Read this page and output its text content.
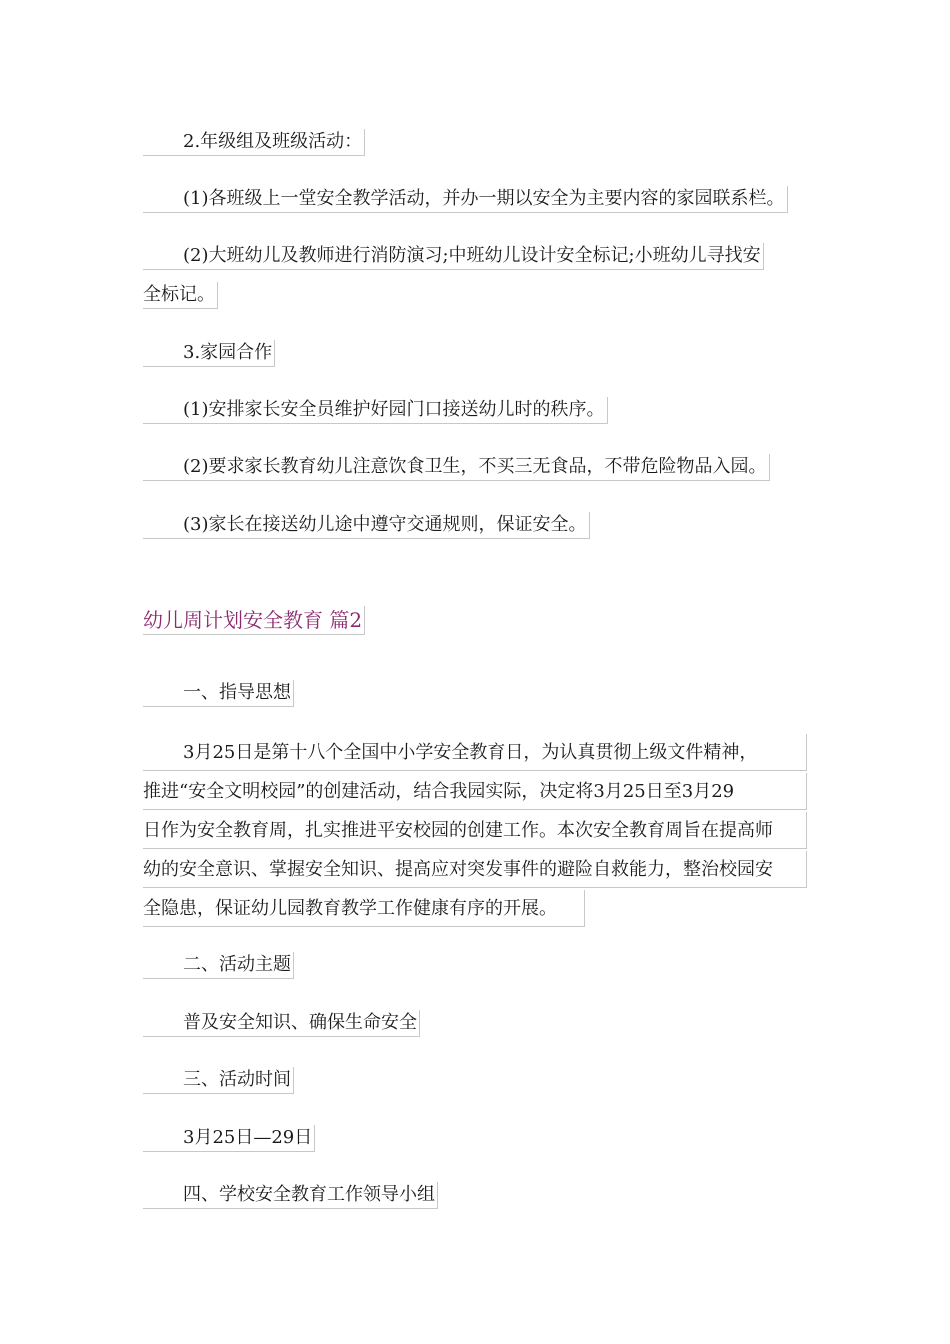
2.年级组及班级活动：
(1)各班级上一堂安全教学活动，并办一期以安全为主要内容的家园联系栏。
(2)大班幼儿及教师进行消防演习;中班幼儿设计安全标记;小班幼儿寻找安
全标记。
3.家园合作
(1)安排家长安全员维护好园门口接送幼儿时的秩序。
(2)要求家长教育幼儿注意饮食卫生，不买三无食品，不带危险物品入园。
(3)家长在接送幼儿途中遵守交通规则，保证安全。
幼儿周计划安全教育 篇2
一、指导思想
3月25日是第十八个全国中小学安全教育日，为认真贯彻上级文件精神，
推进“安全文明校园”的创建活动，结合我园实际，决定将3月25日至3月29
日作为安全教育周，扎实推进平安校园的创建工作。本次安全教育周旨在提高师
幼的安全意识、掌握安全知识、提高应对突发事件的避险自救能力，整治校园安
全隐患，保证幼儿园教育教学工作健康有序的开展。
二、活动主题
普及安全知识、确保生命安全
三、活动时间
3月25日—29日
四、学校安全教育工作领导小组
